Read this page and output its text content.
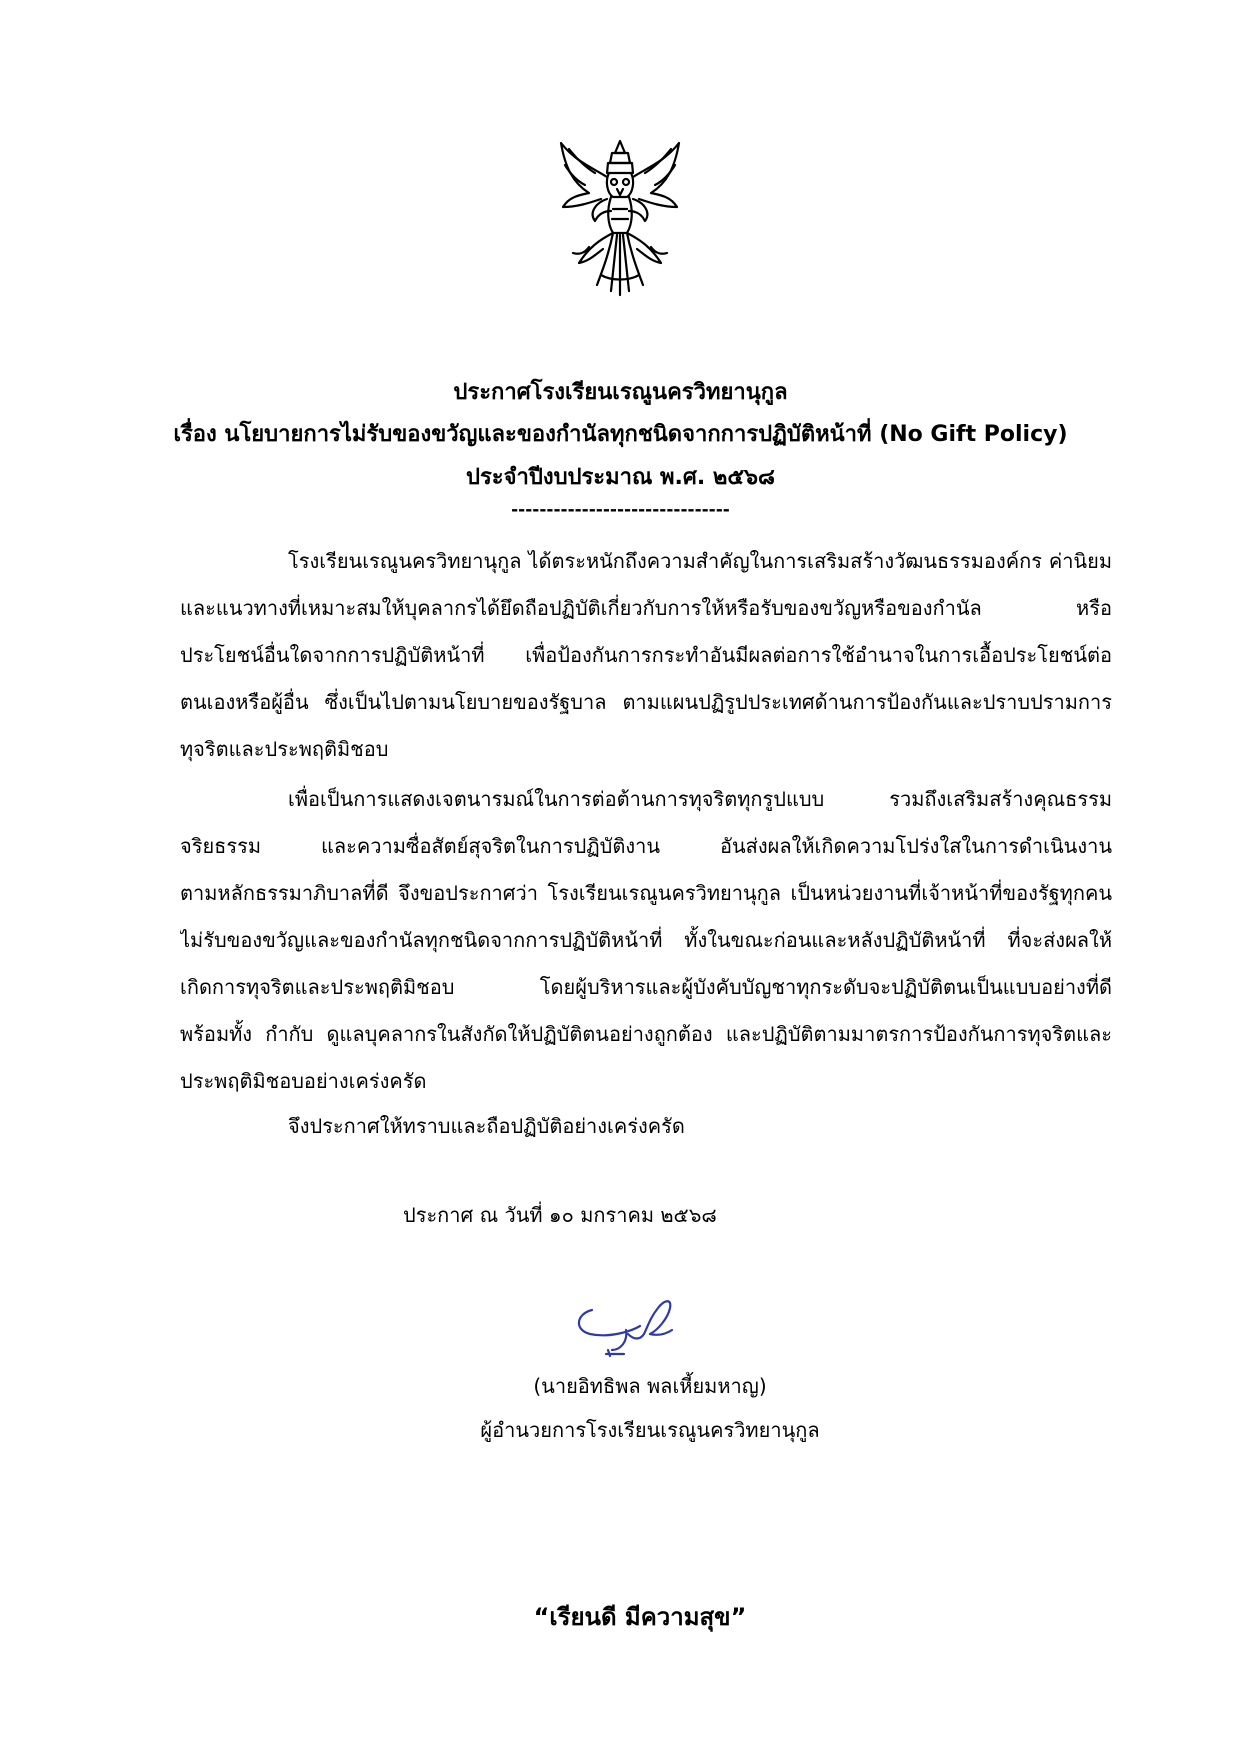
ประกาศโรงเรียนเรณูนครวิทยานุกูล
เรื่อง นโยบายการไม่รับของขวัญและของกำนัลทุกชนิดจากการปฏิบัติหน้าที่ (No Gift Policy)
ประจำปีงบประมาณ พ.ศ. ๒๕๖๘
-------------------------------
โรงเรียนเรณูนครวิทยานุกูล ได้ตระหนักถึงความสำคัญในการเสริมสร้างวัฒนธรรมองค์กร ค่านิยม
และแนวทางที่เหมาะสมให้บุคลากรได้ยึดถือปฏิบัติเกี่ยวกับการให้หรือรับของขวัญหรือของกำนัล หรือ
ประโยชน์อื่นใดจากการปฏิบัติหน้าที่ เพื่อป้องกันการกระทำอันมีผลต่อการใช้อำนาจในการเอื้อประโยชน์ต่อ
ตนเองหรือผู้อื่น ซึ่งเป็นไปตามนโยบายของรัฐบาล ตามแผนปฏิรูปประเทศด้านการป้องกันและปราบปรามการ
ทุจริตและประพฤติมิชอบ
เพื่อเป็นการแสดงเจตนารมณ์ในการต่อต้านการทุจริตทุกรูปแบบ รวมถึงเสริมสร้างคุณธรรม
จริยธรรม และความซื่อสัตย์สุจริตในการปฏิบัติงาน อันส่งผลให้เกิดความโปร่งใสในการดำเนินงาน
ตามหลักธรรมาภิบาลที่ดี จึงขอประกาศว่า โรงเรียนเรณูนครวิทยานุกูล เป็นหน่วยงานที่เจ้าหน้าที่ของรัฐทุกคน
ไม่รับของขวัญและของกำนัลทุกชนิดจากการปฏิบัติหน้าที่ ทั้งในขณะก่อนและหลังปฏิบัติหน้าที่ ที่จะส่งผลให้
เกิดการทุจริตและประพฤติมิชอบ โดยผู้บริหารและผู้บังคับบัญชาทุกระดับจะปฏิบัติตนเป็นแบบอย่างที่ดี
พร้อมทั้ง กำกับ ดูแลบุคลากรในสังกัดให้ปฏิบัติตนอย่างถูกต้อง และปฏิบัติตามมาตรการป้องกันการทุจริตและ
ประพฤติมิชอบอย่างเคร่งครัด
จึงประกาศให้ทราบและถือปฏิบัติอย่างเคร่งครัด
ประกาศ ณ วันที่ ๑๐ มกราคม ๒๕๖๘
(นายอิทธิพล พลเหี้ยมหาญ)
ผู้อำนวยการโรงเรียนเรณูนครวิทยานุกูล
“เรียนดี มีความสุข”
